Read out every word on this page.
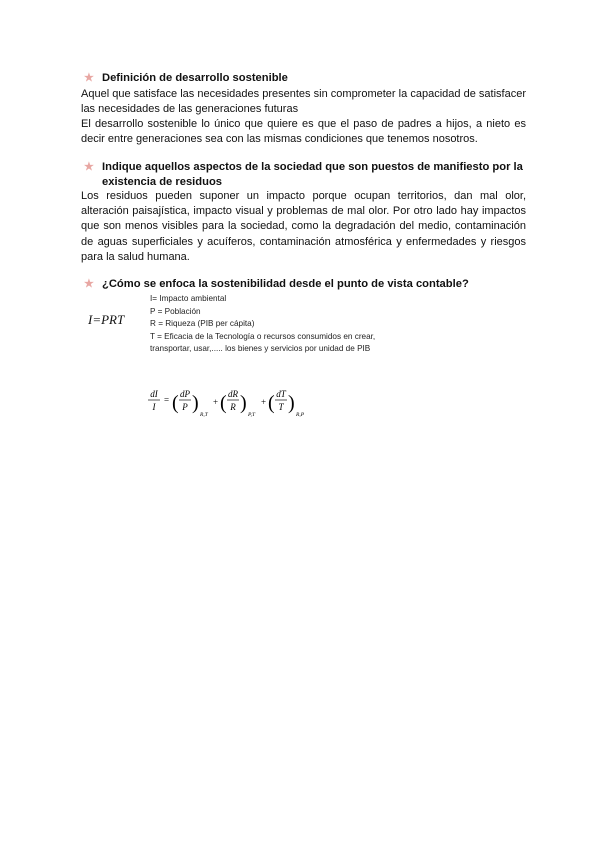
★ Definición de desarrollo sostenible

Aquel que satisface las necesidades presentes sin comprometer la capacidad de satisfacer las necesidades de las generaciones futuras

El desarrollo sostenible lo único que quiere es que el paso de padres a hijos, a nieto es decir entre generaciones sea con las mismas condiciones que tenemos nosotros.

★ Indique aquellos aspectos de la sociedad que son puestos de manifiesto por la existencia de residuos

Los residuos pueden suponer un impacto porque ocupan territorios, dan mal olor, alteración paisajística, impacto visual y problemas de mal olor. Por otro lado hay impactos que son menos visibles para la sociedad, como la degradación del medio, contaminación de aguas superficiales y acuíferos, contaminación atmosférica y enfermedades y riesgos para la salud humana.

★ ¿Cómo se enfoca la sostenibilidad desde el punto de vista contable?
I=PRT
I= Impacto ambiental
P = Población
R = Riqueza (PIB per cápita)
T = Eficacia de la Tecnología o recursos consumidos en crear,
transportar, usar,..... los bienes y servicios por unidad de PIB
dI
I
= ( dP
P )
R,T
+ ( dR
R )
P,T
+ ( dT
T )
R,P
